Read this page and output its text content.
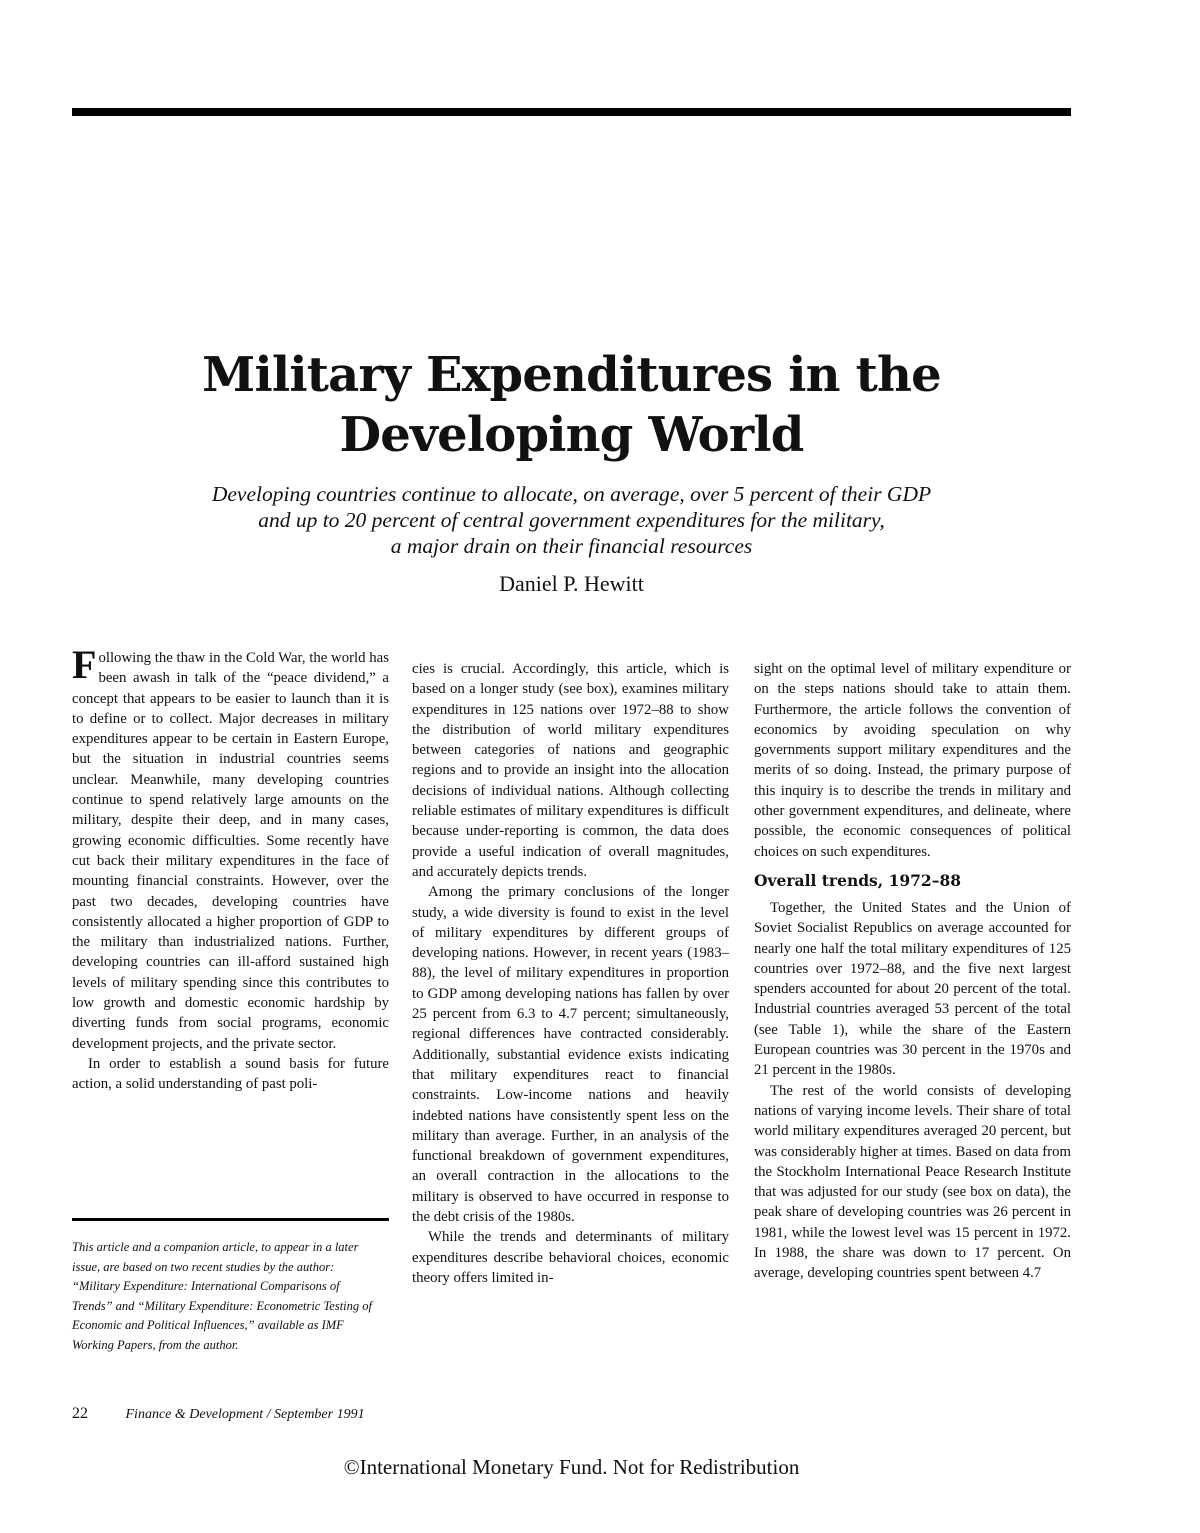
Military Expenditures in the
Developing World

Developing countries continue to allocate, on average, over 5 percent of their GDP
and up to 20 percent of central government expenditures for the military,
a major drain on their financial resources

Daniel P. Hewitt

Following the thaw in the Cold War, the world has been awash in talk of the “peace dividend,” a concept that appears to be easier to launch than it is to define or to collect. Major decreases in military expenditures appear to be certain in Eastern Europe, but the situation in industrial countries seems unclear. Meanwhile, many developing countries continue to spend relatively large amounts on the military, despite their deep, and in many cases, growing economic difficulties. Some recently have cut back their military expenditures in the face of mounting financial constraints. However, over the past two decades, developing countries have consistently allocated a higher proportion of GDP to the military than industrialized nations. Further, developing countries can ill-afford sustained high levels of military spending since this contributes to low growth and domestic economic hardship by diverting funds from social programs, economic development projects, and the private sector.

In order to establish a sound basis for future action, a solid understanding of past poli-

cies is crucial. Accordingly, this article, which is based on a longer study (see box), examines military expenditures in 125 nations over 1972–88 to show the distribution of world military expenditures between categories of nations and geographic regions and to provide an insight into the allocation decisions of individual nations. Although collecting reliable estimates of military expenditures is difficult because under-reporting is common, the data does provide a useful indication of overall magnitudes, and accurately depicts trends.

Among the primary conclusions of the longer study, a wide diversity is found to exist in the level of military expenditures by different groups of developing nations. However, in recent years (1983–88), the level of military expenditures in proportion to GDP among developing nations has fallen by over 25 percent from 6.3 to 4.7 percent; simultaneously, regional differences have contracted considerably. Additionally, substantial evidence exists indicating that military expenditures react to financial constraints. Low-income nations and heavily indebted nations have consistently spent less on the military than average. Further, in an analysis of the functional breakdown of government expenditures, an overall contraction in the allocations to the military is observed to have occurred in response to the debt crisis of the 1980s.

While the trends and determinants of military expenditures describe behavioral choices, economic theory offers limited in-

sight on the optimal level of military expenditure or on the steps nations should take to attain them. Furthermore, the article follows the convention of economics by avoiding speculation on why governments support military expenditures and the merits of so doing. Instead, the primary purpose of this inquiry is to describe the trends in military and other government expenditures, and delineate, where possible, the economic consequences of political choices on such expenditures.

Overall trends, 1972–88

Together, the United States and the Union of Soviet Socialist Republics on average accounted for nearly one half the total military expenditures of 125 countries over 1972–88, and the five next largest spenders accounted for about 20 percent of the total. Industrial countries averaged 53 percent of the total (see Table 1), while the share of the Eastern European countries was 30 percent in the 1970s and 21 percent in the 1980s.

The rest of the world consists of developing nations of varying income levels. Their share of total world military expenditures averaged 20 percent, but was considerably higher at times. Based on data from the Stockholm International Peace Research Institute that was adjusted for our study (see box on data), the peak share of developing countries was 26 percent in 1981, while the lowest level was 15 percent in 1972. In 1988, the share was down to 17 percent. On average, developing countries spent between 4.7

This article and a companion article, to appear in a later issue, are based on two recent studies by the author: “Military Expenditure: International Comparisons of Trends” and “Military Expenditure: Econometric Testing of Economic and Political Influences,” available as IMF Working Papers, from the author.

22	Finance & Development / September 1991

©International Monetary Fund. Not for Redistribution
